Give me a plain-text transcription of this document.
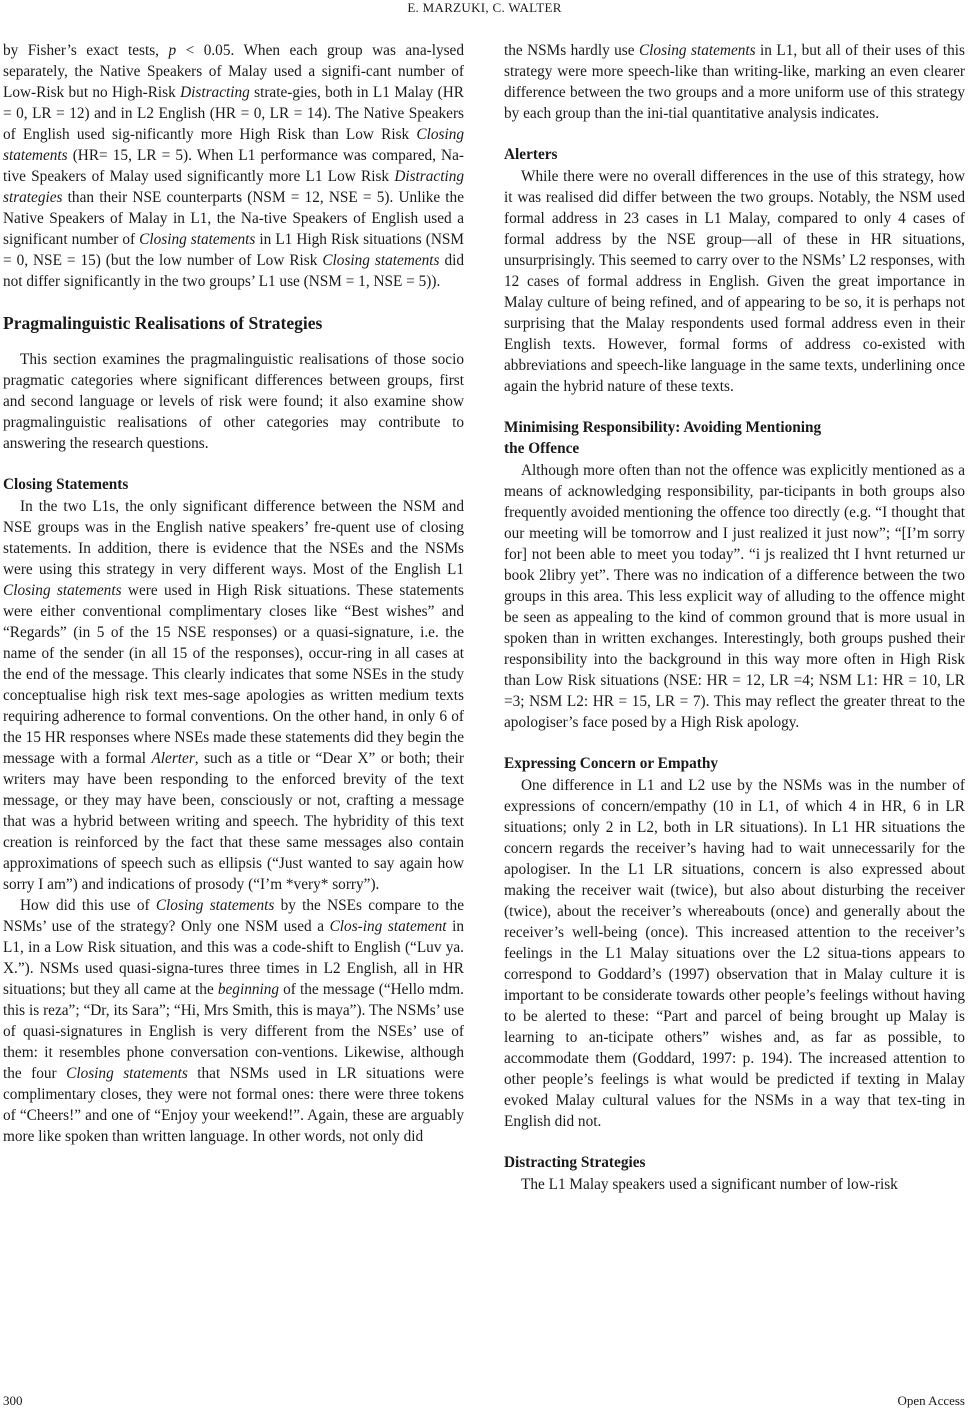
E. MARZUKI, C. WALTER

by Fisher’s exact tests, p < 0.05. When each group was ana-lysed separately, the Native Speakers of Malay used a signifi-cant number of Low-Risk but no High-Risk Distracting strate-gies, both in L1 Malay (HR = 0, LR = 12) and in L2 English (HR = 0, LR = 14). The Native Speakers of English used sig-nificantly more High Risk than Low Risk Closing statements (HR= 15, LR = 5). When L1 performance was compared, Na-tive Speakers of Malay used significantly more L1 Low Risk Distracting strategies than their NSE counterparts (NSM = 12, NSE = 5). Unlike the Native Speakers of Malay in L1, the Na-tive Speakers of English used a significant number of Closing statements in L1 High Risk situations (NSM = 0, NSE = 15) (but the low number of Low Risk Closing statements did not differ significantly in the two groups’ L1 use (NSM = 1, NSE = 5)).

Pragmalinguistic Realisations of Strategies

This section examines the pragmalinguistic realisations of those socio pragmatic categories where significant differences between groups, first and second language or levels of risk were found; it also examine show pragmalinguistic realisations of other categories may contribute to answering the research questions.

Closing Statements

In the two L1s, the only significant difference between the NSM and NSE groups was in the English native speakers’ fre-quent use of closing statements. In addition, there is evidence that the NSEs and the NSMs were using this strategy in very different ways. Most of the English L1 Closing statements were used in High Risk situations. These statements were either conventional complimentary closes like “Best wishes” and “Regards” (in 5 of the 15 NSE responses) or a quasi-signature, i.e. the name of the sender (in all 15 of the responses), occur-ring in all cases at the end of the message. This clearly indicates that some NSEs in the study conceptualise high risk text mes-sage apologies as written medium texts requiring adherence to formal conventions. On the other hand, in only 6 of the 15 HR responses where NSEs made these statements did they begin the message with a formal Alerter, such as a title or “Dear X” or both; their writers may have been responding to the enforced brevity of the text message, or they may have been, consciously or not, crafting a message that was a hybrid between writing and speech. The hybridity of this text creation is reinforced by the fact that these same messages also contain approximations of speech such as ellipsis (“Just wanted to say again how sorry I am”) and indications of prosody (“I’m *very* sorry”).

How did this use of Closing statements by the NSEs compare to the NSMs’ use of the strategy? Only one NSM used a Clos-ing statement in L1, in a Low Risk situation, and this was a code-shift to English (“Luv ya. X.”). NSMs used quasi-signa-tures three times in L2 English, all in HR situations; but they all came at the beginning of the message (“Hello mdm. this is reza”; “Dr, its Sara”; “Hi, Mrs Smith, this is maya”). The NSMs’ use of quasi-signatures in English is very different from the NSEs’ use of them: it resembles phone conversation con-ventions. Likewise, although the four Closing statements that NSMs used in LR situations were complimentary closes, they were not formal ones: there were three tokens of “Cheers!” and one of “Enjoy your weekend!”. Again, these are arguably more like spoken than written language. In other words, not only did

the NSMs hardly use Closing statements in L1, but all of their uses of this strategy were more speech-like than writing-like, marking an even clearer difference between the two groups and a more uniform use of this strategy by each group than the ini-tial quantitative analysis indicates.

Alerters

While there were no overall differences in the use of this strategy, how it was realised did differ between the two groups. Notably, the NSM used formal address in 23 cases in L1 Malay, compared to only 4 cases of formal address by the NSE group—all of these in HR situations, unsurprisingly. This seemed to carry over to the NSMs’ L2 responses, with 12 cases of formal address in English. Given the great importance in Malay culture of being refined, and of appearing to be so, it is perhaps not surprising that the Malay respondents used formal address even in their English texts. However, formal forms of address co-existed with abbreviations and speech-like language in the same texts, underlining once again the hybrid nature of these texts.

Minimising Responsibility: Avoiding Mentioning
the Offence

Although more often than not the offence was explicitly mentioned as a means of acknowledging responsibility, par-ticipants in both groups also frequently avoided mentioning the offence too directly (e.g. “I thought that our meeting will be tomorrow and I just realized it just now”; “[I’m sorry for] not been able to meet you today”. “i js realized tht I hvnt returned ur book 2libry yet”. There was no indication of a difference between the two groups in this area. This less explicit way of alluding to the offence might be seen as appealing to the kind of common ground that is more usual in spoken than in written exchanges. Interestingly, both groups pushed their responsibility into the background in this way more often in High Risk than Low Risk situations (NSE: HR = 12, LR =4; NSM L1: HR = 10, LR =3; NSM L2: HR = 15, LR = 7). This may reflect the greater threat to the apologiser’s face posed by a High Risk apology.

Expressing Concern or Empathy

One difference in L1 and L2 use by the NSMs was in the number of expressions of concern/empathy (10 in L1, of which 4 in HR, 6 in LR situations; only 2 in L2, both in LR situations). In L1 HR situations the concern regards the receiver’s having had to wait unnecessarily for the apologiser. In the L1 LR situations, concern is also expressed about making the receiver wait (twice), but also about disturbing the receiver (twice), about the receiver’s whereabouts (once) and generally about the receiver’s well-being (once). This increased attention to the receiver’s feelings in the L1 Malay situations over the L2 situa-tions appears to correspond to Goddard’s (1997) observation that in Malay culture it is important to be considerate towards other people’s feelings without having to be alerted to these: “Part and parcel of being brought up Malay is learning to an-ticipate others” wishes and, as far as possible, to accommodate them (Goddard, 1997: p. 194). The increased attention to other people’s feelings is what would be predicted if texting in Malay evoked Malay cultural values for the NSMs in a way that tex-ting in English did not.

Distracting Strategies

The L1 Malay speakers used a significant number of low-risk

300	Open Access
